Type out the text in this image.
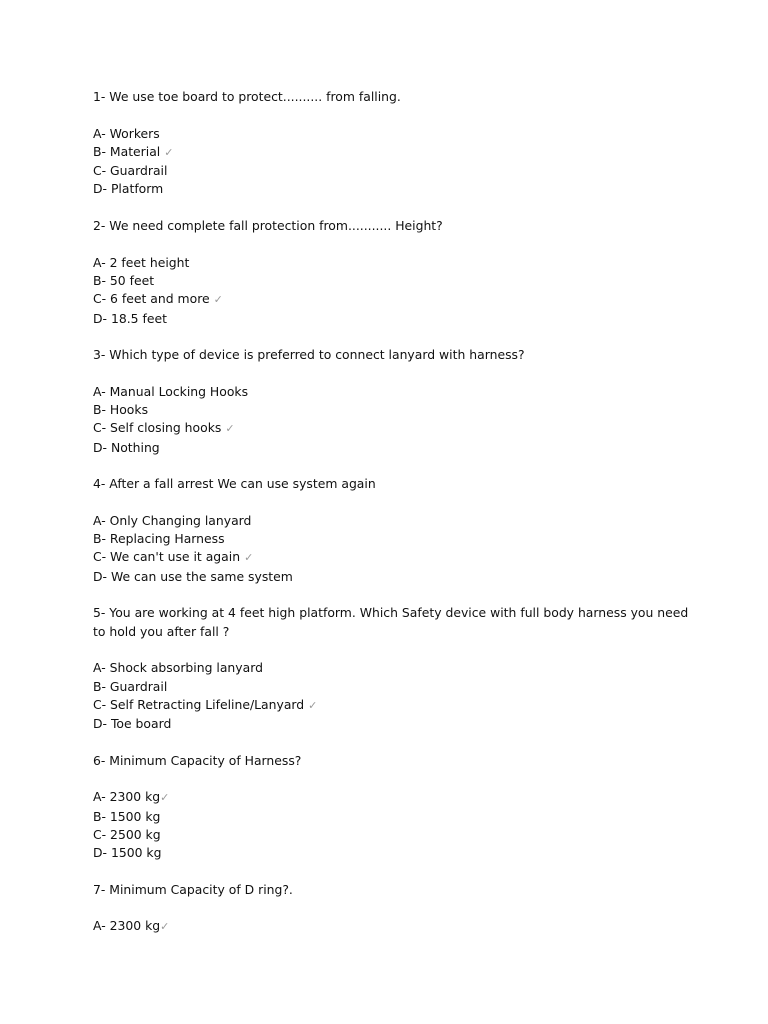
1- We use toe board to protect.......... from falling.

A- Workers
B- Material ✓
C- Guardrail
D- Platform

2- We need complete fall protection from........... Height?

A- 2 feet height
B- 50 feet
C- 6 feet and more ✓
D- 18.5 feet

3- Which type of device is preferred to connect lanyard with harness?

A- Manual Locking Hooks
B- Hooks
C- Self closing hooks ✓
D- Nothing

4- After a fall arrest We can use system again

A- Only Changing lanyard
B- Replacing Harness
C- We can't use it again ✓
D- We can use the same system

5- You are working at 4 feet high platform. Which Safety device with full body harness you need to hold you after fall ?

A- Shock absorbing lanyard
B- Guardrail
C- Self Retracting Lifeline/Lanyard ✓
D- Toe board

6- Minimum Capacity of Harness?

A- 2300 kg✓
B- 1500 kg
C- 2500 kg
D- 1500 kg

7- Minimum Capacity of D ring?.

A- 2300 kg✓
